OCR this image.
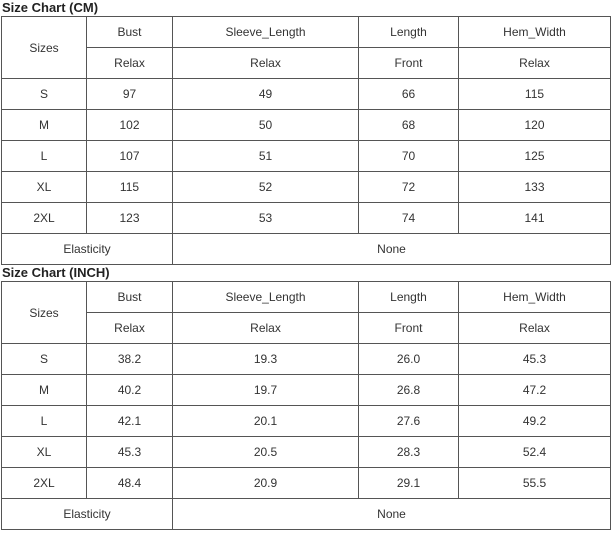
Size Chart (CM)
Sizes	Bust	Sleeve_Length	Length	Hem_Width
	Relax	Relax	Front	Relax
S	97	49	66	115
M	102	50	68	120
L	107	51	70	125
XL	115	52	72	133
2XL	123	53	74	141
Elasticity		None		
Size Chart (INCH)
Sizes	Bust	Sleeve_Length	Length	Hem_Width
	Relax	Relax	Front	Relax
S	38.2	19.3	26.0	45.3
M	40.2	19.7	26.8	47.2
L	42.1	20.1	27.6	49.2
XL	45.3	20.5	28.3	52.4
2XL	48.4	20.9	29.1	55.5
Elasticity		None		
